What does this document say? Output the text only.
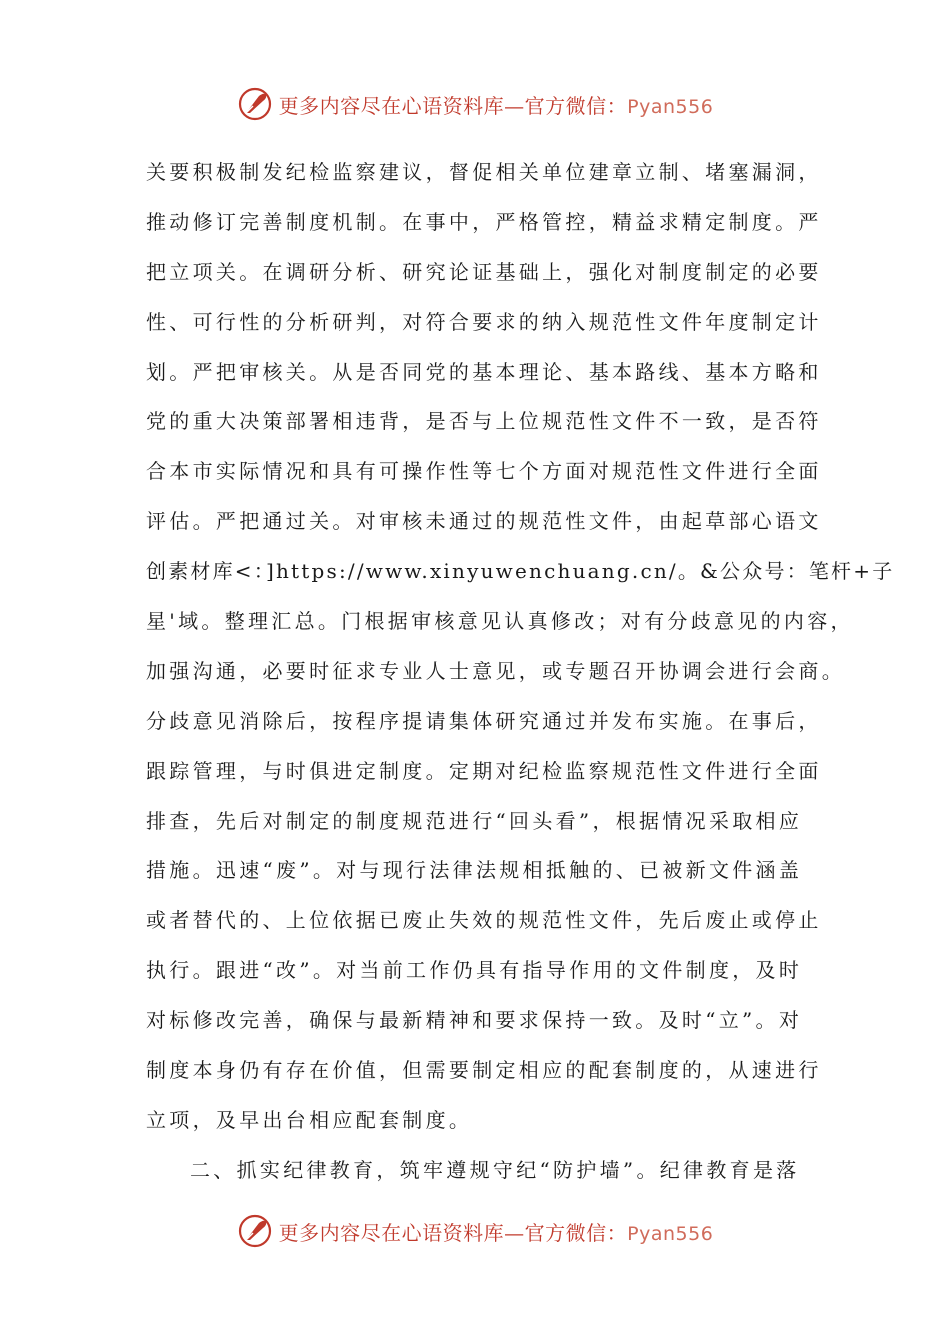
更多内容尽在心语资料库—官方微信：Pyan556
关要积极制发纪检监察建议，督促相关单位建章立制、堵塞漏洞，
推动修订完善制度机制。在事中，严格管控，精益求精定制度。严
把立项关。在调研分析、研究论证基础上，强化对制度制定的必要
性、可行性的分析研判，对符合要求的纳入规范性文件年度制定计
划。严把审核关。从是否同党的基本理论、基本路线、基本方略和
党的重大决策部署相违背，是否与上位规范性文件不一致，是否符
合本市实际情况和具有可操作性等七个方面对规范性文件进行全面
评估。严把通过关。对审核未通过的规范性文件，由起草部心语文
创素材库<：]https://www.xinyuwenchuang.cn/。&公众号：笔杆+子
星'域。整理汇总。门根据审核意见认真修改；对有分歧意见的内容，
加强沟通，必要时征求专业人士意见，或专题召开协调会进行会商。
分歧意见消除后，按程序提请集体研究通过并发布实施。在事后，
跟踪管理，与时俱进定制度。定期对纪检监察规范性文件进行全面
排查，先后对制定的制度规范进行“回头看”，根据情况采取相应
措施。迅速“废”。对与现行法律法规相抵触的、已被新文件涵盖
或者替代的、上位依据已废止失效的规范性文件，先后废止或停止
执行。跟进“改”。对当前工作仍具有指导作用的文件制度，及时
对标修改完善，确保与最新精神和要求保持一致。及时“立”。对
制度本身仍有存在价值，但需要制定相应的配套制度的，从速进行
立项，及早出台相应配套制度。
二、抓实纪律教育，筑牢遵规守纪“防护墙”。纪律教育是落
更多内容尽在心语资料库—官方微信：Pyan556
